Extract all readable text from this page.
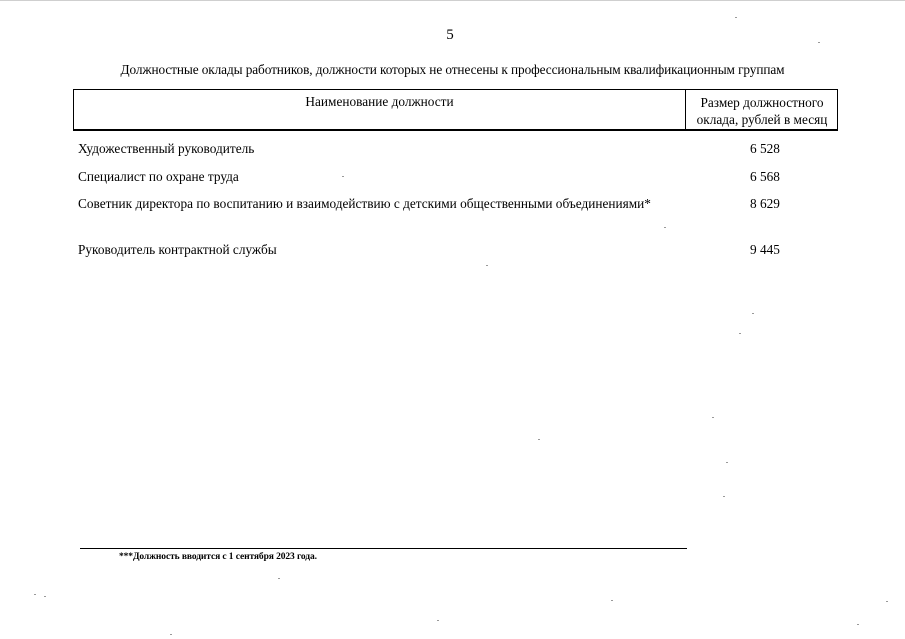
5
Должностные оклады работников, должности которых не отнесены к профессиональным квалификационным группам
Наименование должности	Размер должностного
оклада, рублей в месяц
Художественный руководитель	6 528
Специалист по охране труда	6 568
Советник директора по воспитанию и взаимодействию с детскими общественными объединениями*	8 629
Руководитель контрактной службы	9 445
***Должность вводится с 1 сентября 2023 года.
